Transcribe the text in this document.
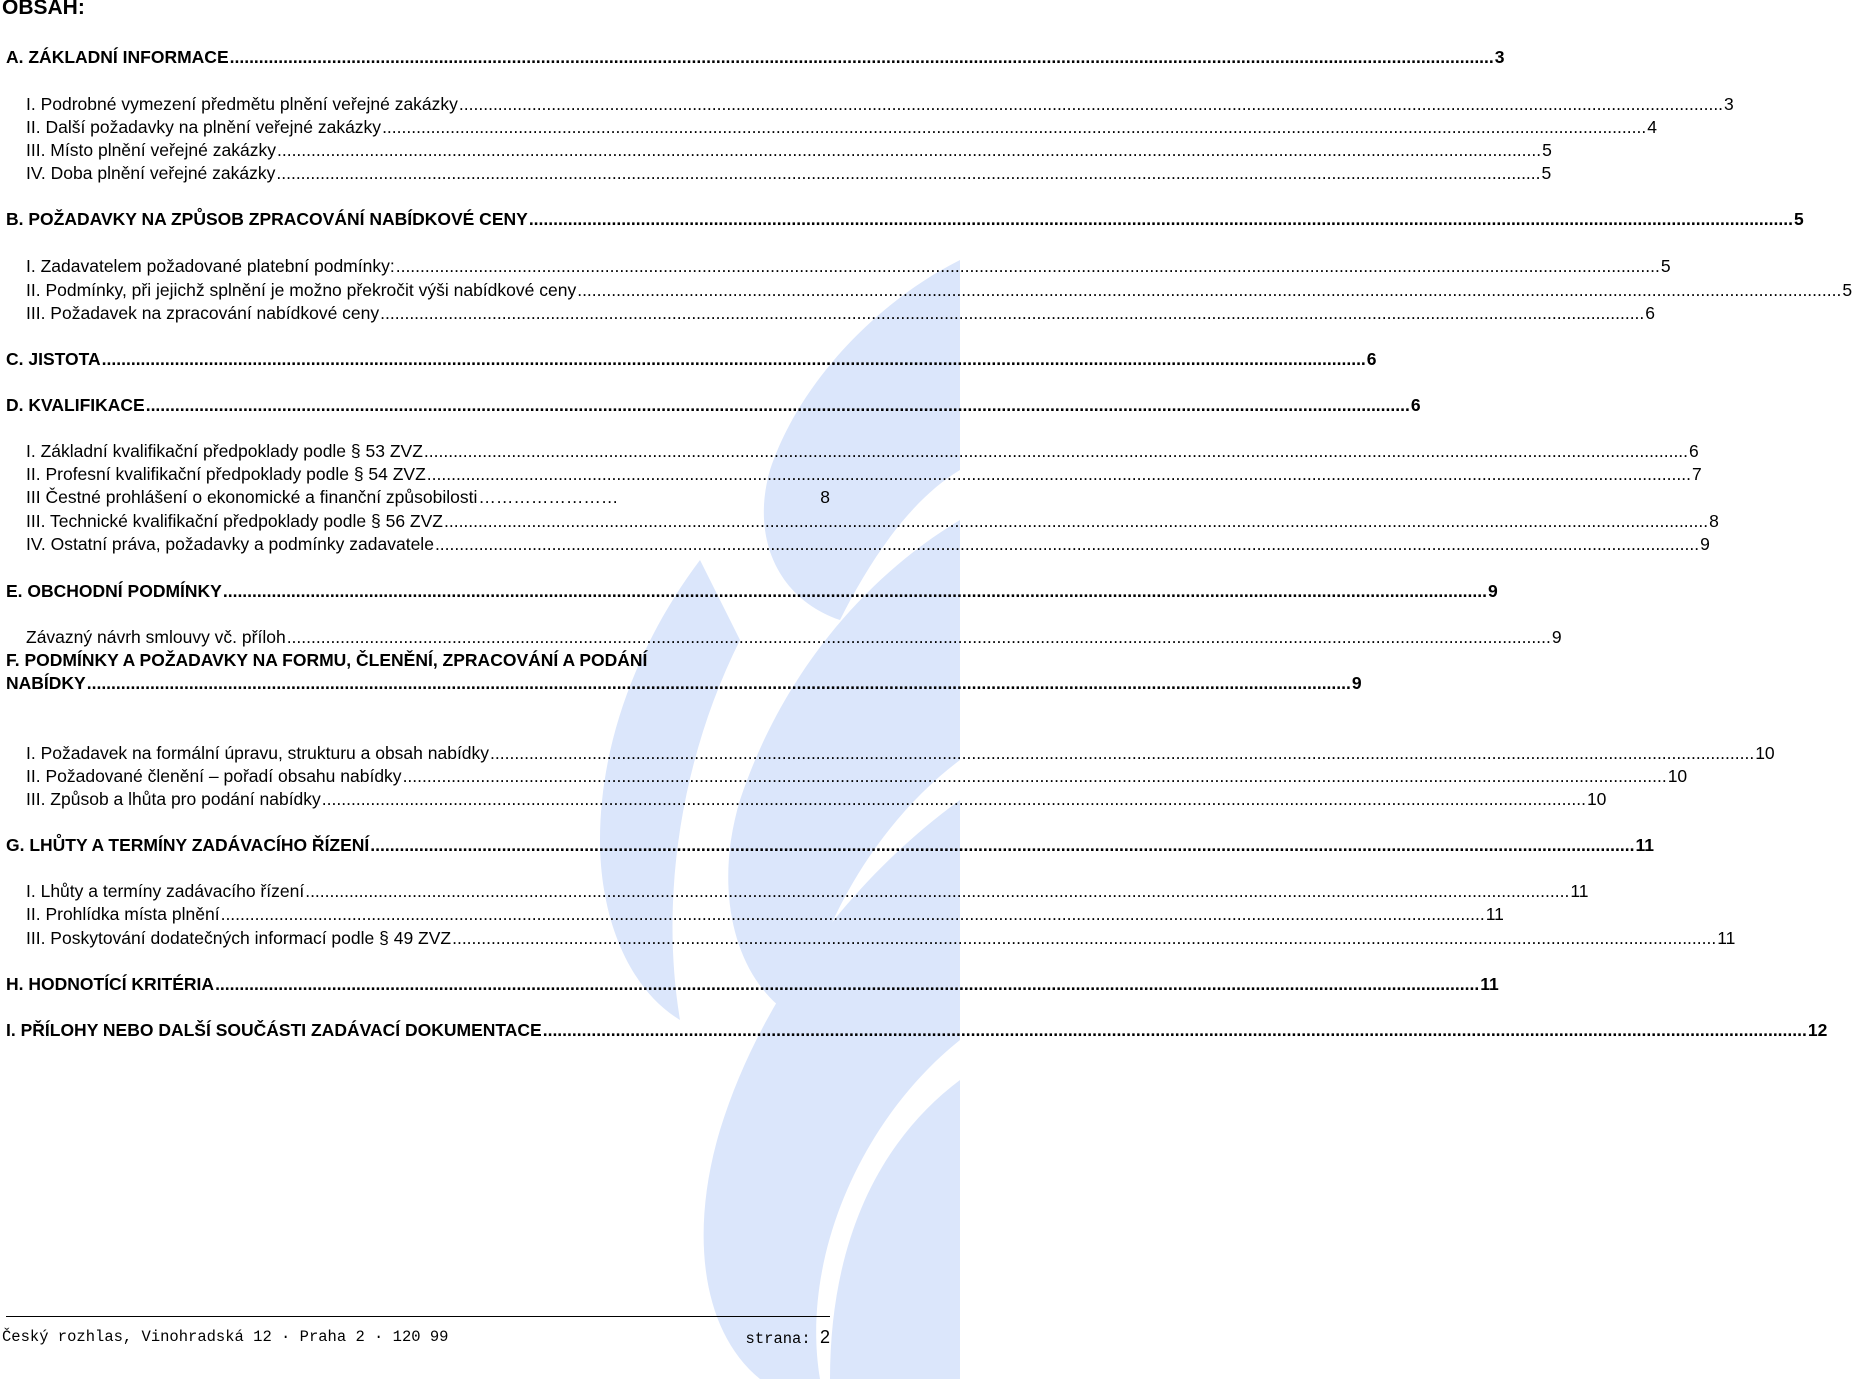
OBSAH:
A. ZÁKLADNÍ INFORMACE .................................................................................................................................................................................................................................................................... 3
I. Podrobné vymezení předmětu plnění veřejné zakázky .................................................................................................................................................................................................................................................................... 3
II. Další požadavky na plnění veřejné zakázky .................................................................................................................................................................................................................................................................... 4
III. Místo plnění veřejné zakázky .................................................................................................................................................................................................................................................................... 5
IV. Doba plnění veřejné zakázky .................................................................................................................................................................................................................................................................... 5
B. POŽADAVKY NA ZPŮSOB ZPRACOVÁNÍ NABÍDKOVÉ CENY .................................................................................................................................................................................................................................................................... 5
I. Zadavatelem požadované platební podmínky: .................................................................................................................................................................................................................................................................... 5
II. Podmínky, při jejichž splnění je možno překročit výši nabídkové ceny .................................................................................................................................................................................................................................................................... 5
III. Požadavek na zpracování nabídkové ceny .................................................................................................................................................................................................................................................................... 6
C. JISTOTA .................................................................................................................................................................................................................................................................... 6
D. KVALIFIKACE .................................................................................................................................................................................................................................................................... 6
I. Základní kvalifikační předpoklady podle § 53 ZVZ .................................................................................................................................................................................................................................................................... 6
II. Profesní kvalifikační předpoklady podle § 54 ZVZ .................................................................................................................................................................................................................................................................... 7
III Čestné prohlášení o ekonomické a finanční způsobilosti ……………………	8
III. Technické kvalifikační předpoklady podle § 56 ZVZ .................................................................................................................................................................................................................................................................... 8
IV. Ostatní práva, požadavky a podmínky zadavatele .................................................................................................................................................................................................................................................................... 9
E. OBCHODNÍ PODMÍNKY .................................................................................................................................................................................................................................................................... 9
Závazný návrh smlouvy vč. příloh .................................................................................................................................................................................................................................................................... 9
F. PODMÍNKY A POŽADAVKY NA FORMU, ČLENĚNÍ, ZPRACOVÁNÍ A PODÁNÍ
NABÍDKY .................................................................................................................................................................................................................................................................... 9
I. Požadavek na formální úpravu, strukturu a obsah nabídky .................................................................................................................................................................................................................................................................... 10
II. Požadované členění – pořadí obsahu nabídky .................................................................................................................................................................................................................................................................... 10
III. Způsob a lhůta pro podání nabídky .................................................................................................................................................................................................................................................................... 10
G. LHŮTY A TERMÍNY ZADÁVACÍHO ŘÍZENÍ .................................................................................................................................................................................................................................................................... 11
I. Lhůty a termíny zadávacího řízení .................................................................................................................................................................................................................................................................... 11
II. Prohlídka místa plnění .................................................................................................................................................................................................................................................................... 11
III. Poskytování dodatečných informací podle § 49 ZVZ .................................................................................................................................................................................................................................................................... 11
H. HODNOTÍCÍ KRITÉRIA .................................................................................................................................................................................................................................................................... 11
I. PŘÍLOHY NEBO DALŠÍ SOUČÁSTI ZADÁVACÍ DOKUMENTACE .................................................................................................................................................................................................................................................................... 12
Český rozhlas, Vinohradská 12 · Praha 2 · 120 99	strana: 2
